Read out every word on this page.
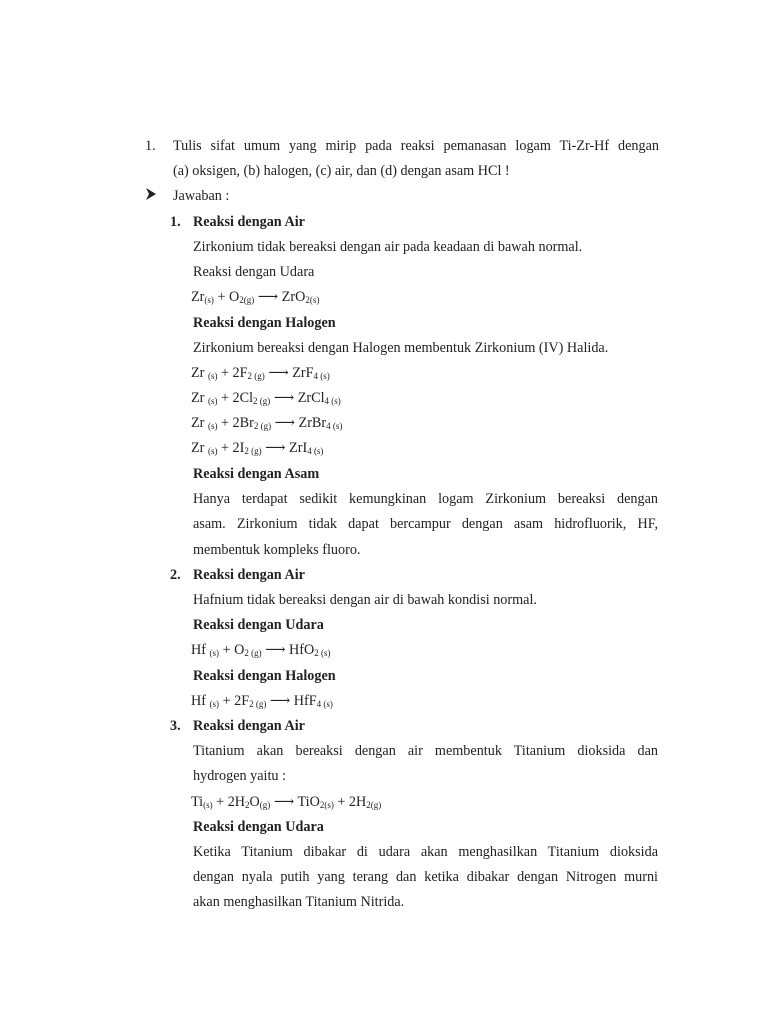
1. Tulis sifat umum yang mirip pada reaksi pemanasan logam Ti-Zr-Hf dengan
(a) oksigen, (b) halogen, (c) air, dan (d) dengan asam HCl !
Jawaban :
1. Reaksi dengan Air
Zirkonium tidak bereaksi dengan air pada keadaan di bawah normal.
Reaksi dengan Udara
$Zr_{(s)} + O_{2(g)}$ ⟶ ZrO$_{2(s)}$
Reaksi dengan Halogen
Zirkonium bereaksi dengan Halogen membentuk Zirkonium (IV) Halida.
Zr $_{(s)} + 2F_{2 (g)}$ ⟶ ZrF$_{4 (s)}$
Zr $_{(s)} + 2Cl_{2 (g)}$ ⟶ ZrCl$_{4 (s)}$
Zr $_{(s)} + 2Br_{2 (g)}$ ⟶ ZrBr$_{4 (s)}$
Zr $_{(s)} + 2I_{2 (g)}$ ⟶ ZrI$_{4 (s)}$
Reaksi dengan Asam
Hanya terdapat sedikit kemungkinan logam Zirkonium bereaksi dengan
asam. Zirkonium tidak dapat bercampur dengan asam hidrofluorik, HF,
membentuk kompleks fluoro.
2. Reaksi dengan Air
Hafnium tidak bereaksi dengan air di bawah kondisi normal.
Reaksi dengan Udara
Hf $_{(s)} + O_{2 (g)}$ ⟶ HfO$_{2 (s)}$
Reaksi dengan Halogen
Hf $_{(s)} + 2F_{2 (g)}$ ⟶ HfF$_{4 (s)}$
3. Reaksi dengan Air
Titanium akan bereaksi dengan air membentuk Titanium dioksida dan
hydrogen yaitu :
$Ti_{(s)} + 2H_2O_{(g)}$ ⟶ $TiO_{2(s)} + 2H_{2(g)}$
Reaksi dengan Udara
Ketika Titanium dibakar di udara akan menghasilkan Titanium dioksida
dengan nyala putih yang terang dan ketika dibakar dengan Nitrogen murni
akan menghasilkan Titanium Nitrida.
